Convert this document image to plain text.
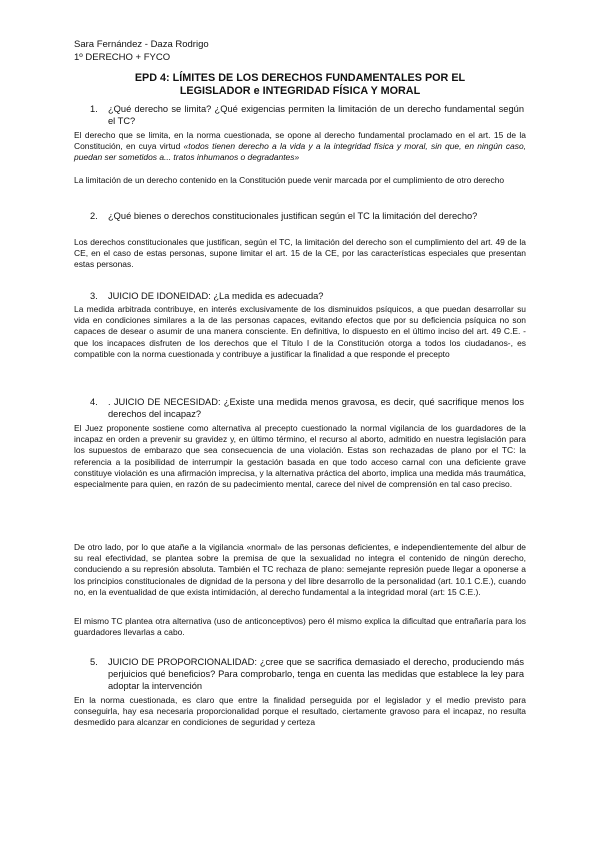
Sara Fernández - Daza Rodrigo
1º DERECHO + FYCO
EPD 4: LÍMITES DE LOS DERECHOS FUNDAMENTALES POR EL
LEGISLADOR e INTEGRIDAD FÍSICA Y MORAL
1. ¿Qué derecho se limita? ¿Qué exigencias permiten la limitación de un derecho fundamental según el TC?
El derecho que se limita, en la norma cuestionada, se opone al derecho fundamental proclamado en el art. 15 de la Constitución, en cuya virtud «todos tienen derecho a la vida y a la integridad física y moral, sin que, en ningún caso, puedan ser sometidos a... tratos inhumanos o degradantes»
La limitación de un derecho contenido en la Constitución puede venir marcada por el cumplimiento de otro derecho
2. ¿Qué bienes o derechos constitucionales justifican según el TC la limitación del derecho?
Los derechos constitucionales que justifican, según el TC, la limitación del derecho son el cumplimiento del art. 49 de la CE, en el caso de estas personas, supone limitar el art. 15 de la CE, por las características especiales que presentan estas personas.
3. JUICIO DE IDONEIDAD: ¿La medida es adecuada?
La medida arbitrada contribuye, en interés exclusivamente de los disminuidos psíquicos, a que puedan desarrollar su vida en condiciones similares a la de las personas capaces, evitando efectos que por su deficiencia psíquica no son capaces de desear o asumir de una manera consciente. En definitiva, lo dispuesto en el último inciso del art. 49 C.E. -que los incapaces disfruten de los derechos que el Título I de la Constitución otorga a todos los ciudadanos-, es compatible con la norma cuestionada y contribuye a justificar la finalidad a que responde el precepto
4. . JUICIO DE NECESIDAD: ¿Existe una medida menos gravosa, es decir, qué sacrifique menos los derechos del incapaz?
El Juez proponente sostiene como alternativa al precepto cuestionado la normal vigilancia de los guardadores de la incapaz en orden a prevenir su gravidez y, en último término, el recurso al aborto, admitido en nuestra legislación para los supuestos de embarazo que sea consecuencia de una violación. Estas son rechazadas de plano por el TC: la referencia a la posibilidad de interrumpir la gestación basada en que todo acceso carnal con una deficiente grave constituye violación es una afirmación imprecisa, y la alternativa práctica del aborto, implica una medida más traumática, especialmente para quien, en razón de su padecimiento mental, carece del nivel de comprensión en tal caso preciso.
De otro lado, por lo que atañe a la vigilancia «normal» de las personas deficientes, e independientemente del albur de su real efectividad, se plantea sobre la premisa de que la sexualidad no integra el contenido de ningún derecho, conduciendo a su represión absoluta. También el TC rechaza de plano: semejante represión puede llegar a oponerse a los principios constitucionales de dignidad de la persona y del libre desarrollo de la personalidad (art. 10.1 C.E.), cuando no, en la eventualidad de que exista intimidación, al derecho fundamental a la integridad moral (art: 15 C.E.).
El mismo TC plantea otra alternativa (uso de anticonceptivos) pero él mismo explica la dificultad que entrañaría para los guardadores llevarlas a cabo.
5. JUICIO DE PROPORCIONALIDAD: ¿cree que se sacrifica demasiado el derecho, produciendo más perjuicios qué beneficios? Para comprobarlo, tenga en cuenta las medidas que establece la ley para adoptar la intervención
En la norma cuestionada, es claro que entre la finalidad perseguida por el legislador y el medio previsto para conseguirla, hay esa necesaria proporcionalidad porque el resultado, ciertamente gravoso para el incapaz, no resulta desmedido para alcanzar en condiciones de seguridad y certeza
